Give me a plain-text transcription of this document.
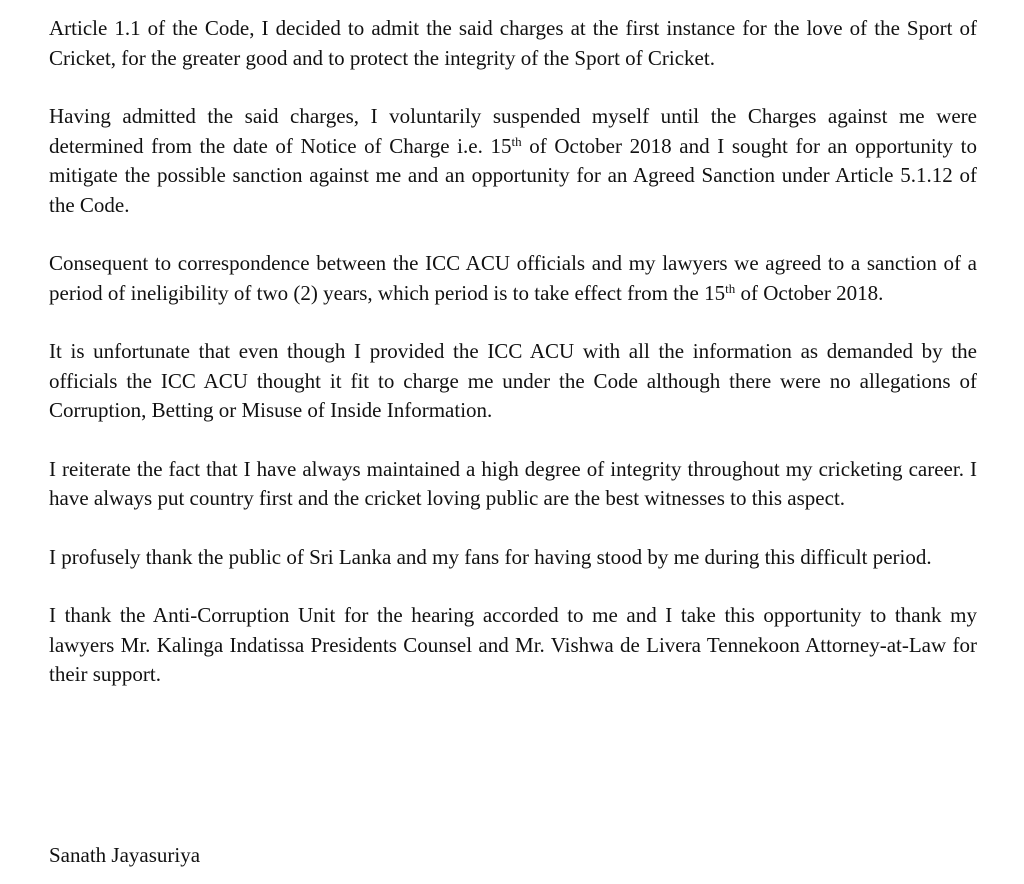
Article 1.1 of the Code, I decided to admit the said charges at the first instance for the love of the Sport of Cricket, for the greater good and to protect the integrity of the Sport of Cricket.

Having admitted the said charges, I voluntarily suspended myself until the Charges against me were determined from the date of Notice of Charge i.e. 15th of October 2018 and I sought for an opportunity to mitigate the possible sanction against me and an opportunity for an Agreed Sanction under Article 5.1.12 of the Code.

Consequent to correspondence between the ICC ACU officials and my lawyers we agreed to a sanction of a period of ineligibility of two (2) years, which period is to take effect from the 15th of October 2018.

It is unfortunate that even though I provided the ICC ACU with all the information as demanded by the officials the ICC ACU thought it fit to charge me under the Code although there were no allegations of Corruption, Betting or Misuse of Inside Information.

I reiterate the fact that I have always maintained a high degree of integrity throughout my cricketing career. I have always put country first and the cricket loving public are the best witnesses to this aspect.

I profusely thank the public of Sri Lanka and my fans for having stood by me during this difficult period.

I thank the Anti-Corruption Unit for the hearing accorded to me and I take this opportunity to thank my lawyers Mr. Kalinga Indatissa Presidents Counsel and Mr. Vishwa de Livera Tennekoon Attorney-at-Law for their support.

Sanath Jayasuriya
